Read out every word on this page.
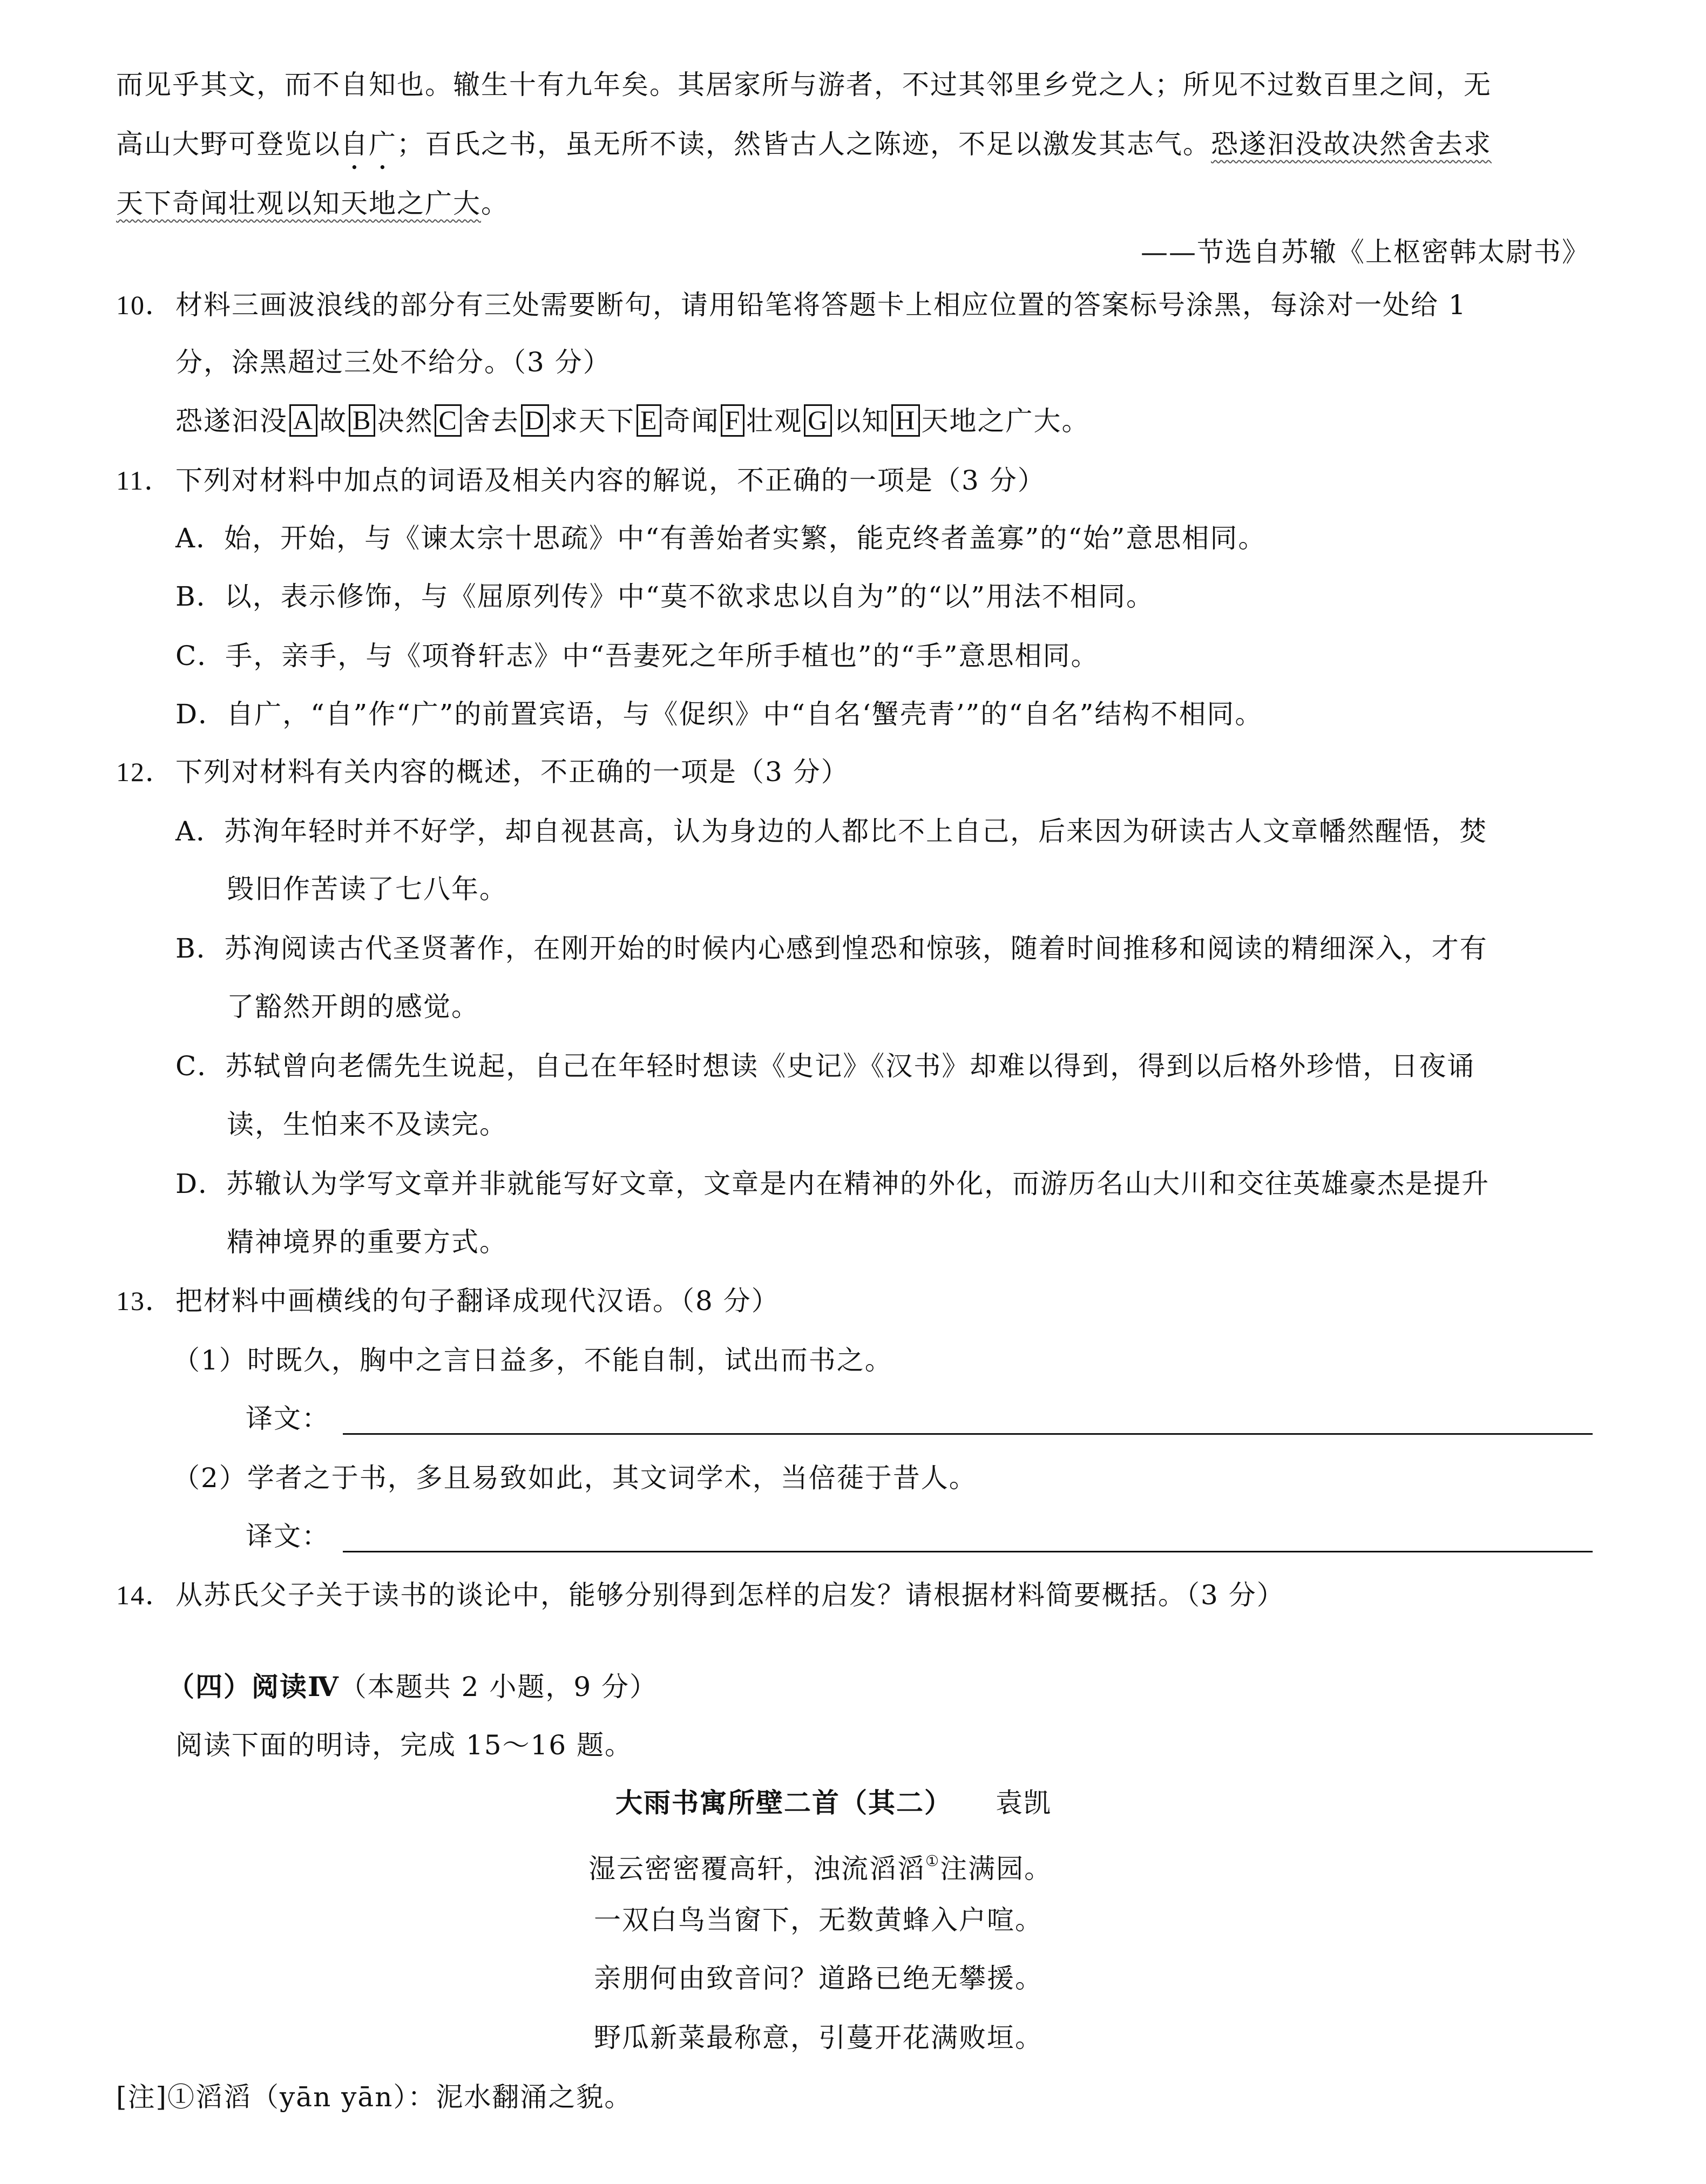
而见乎其文，而不自知也。辙生十有九年矣。其居家所与游者，不过其邻里乡党之人；所见不过数百里之间，无
高山大野可登览以自广；百氏之书，虽无所不读，然皆古人之陈迹，不足以激发其志气。恐遂汩没故决然舍去求
天下奇闻壮观以知天地之广大。
——节选自苏辙《上枢密韩太尉书》
10．材料三画波浪线的部分有三处需要断句，请用铅笔将答题卡上相应位置的答案标号涂黑，每涂对一处给 1
分，涂黑超过三处不给分。（3 分）
恐遂汩没 A 故 B 决然 C 舍去 D 求天下 E 奇闻 F 壮观 G 以知 H 天地之广大。
11． 下列对材料中加点的词语及相关内容的解说，不正确的一项是（3 分）
A．始，开始，与《谏太宗十思疏》中“有善始者实繁，能克终者盖寡”的“始”意思相同。
B．以，表示修饰，与《屈原列传》中“莫不欲求忠以自为”的“以”用法不相同。
C．手，亲手，与《项脊轩志》中“吾妻死之年所手植也”的“手”意思相同。
D．自广，“自”作“广”的前置宾语，与《促织》中“自名‘蟹壳青’”的“自名”结构不相同。
12．下列对材料有关内容的概述，不正确的一项是（3 分）
A．苏洵年轻时并不好学，却自视甚高，认为身边的人都比不上自己，后来因为研读古人文章幡然醒悟，焚
毁旧作苦读了七八年。
B．苏洵阅读古代圣贤著作，在刚开始的时候内心感到惶恐和惊骇，随着时间推移和阅读的精细深入，才有
了豁然开朗的感觉。
C．苏轼曾向老儒先生说起，自己在年轻时想读《史记》《汉书》却难以得到，得到以后格外珍惜，日夜诵
读，生怕来不及读完。
D．苏辙认为学写文章并非就能写好文章，文章是内在精神的外化，而游历名山大川和交往英雄豪杰是提升
精神境界的重要方式。
13．把材料中画横线的句子翻译成现代汉语。（8 分）
（1）时既久，胸中之言日益多，不能自制，试出而书之。
译文：
（2）学者之于书，多且易致如此，其文词学术，当倍蓰于昔人。
译文：
14．从苏氏父子关于读书的谈论中，能够分别得到怎样的启发？请根据材料简要概括。（3 分）
（四）阅读Ⅳ（本题共 2 小题，9 分）
阅读下面的明诗，完成 15～16 题。
大雨书寓所壁二首（其二） 袁凯
湿云密密覆高轩，浊流滔滔①注满园。
一双白鸟当窗下，无数黄蜂入户喧。
亲朋何由致音问？道路已绝无攀援。
野瓜新菜最称意，引蔓开花满败垣。
[注]①滔滔（yān yān）：泥水翻涌之貌。
